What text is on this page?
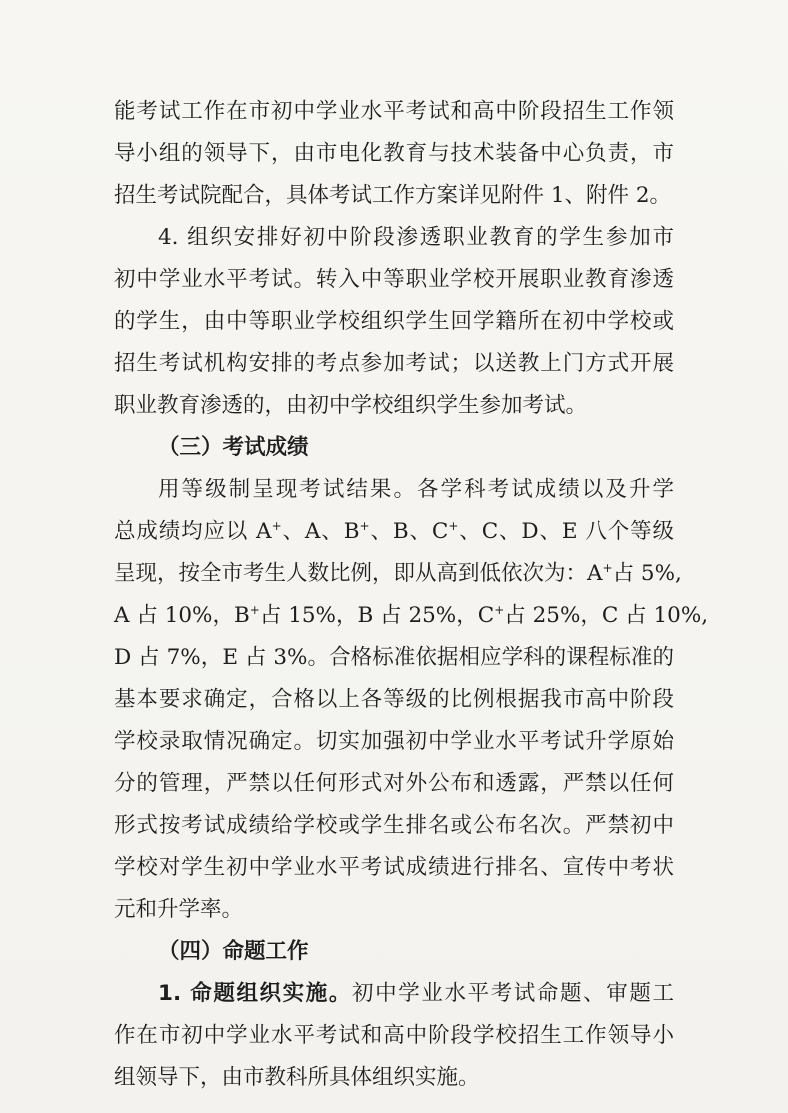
能考试工作在市初中学业水平考试和高中阶段招生工作领
导小组的领导下，由市电化教育与技术装备中心负责，市
招生考试院配合，具体考试工作方案详见附件 1、附件 2。
4. 组织安排好初中阶段渗透职业教育的学生参加市
初中学业水平考试。转入中等职业学校开展职业教育渗透
的学生，由中等职业学校组织学生回学籍所在初中学校或
招生考试机构安排的考点参加考试；以送教上门方式开展
职业教育渗透的，由初中学校组织学生参加考试。
（三）考试成绩
用等级制呈现考试结果。各学科考试成绩以及升学
总成绩均应以 A+、A、B+、B、C+、C、D、E 八个等级
呈现，按全市考生人数比例，即从高到低依次为：A+占 5%,
A 占 10%，B+占 15%，B 占 25%，C+占 25%，C 占 10%,
D 占 7%，E 占 3%。合格标准依据相应学科的课程标准的
基本要求确定，合格以上各等级的比例根据我市高中阶段
学校录取情况确定。切实加强初中学业水平考试升学原始
分的管理，严禁以任何形式对外公布和透露，严禁以任何
形式按考试成绩给学校或学生排名或公布名次。严禁初中
学校对学生初中学业水平考试成绩进行排名、宣传中考状
元和升学率。
（四）命题工作
1. 命题组织实施。初中学业水平考试命题、审题工
作在市初中学业水平考试和高中阶段学校招生工作领导小
组领导下，由市教科所具体组织实施。
